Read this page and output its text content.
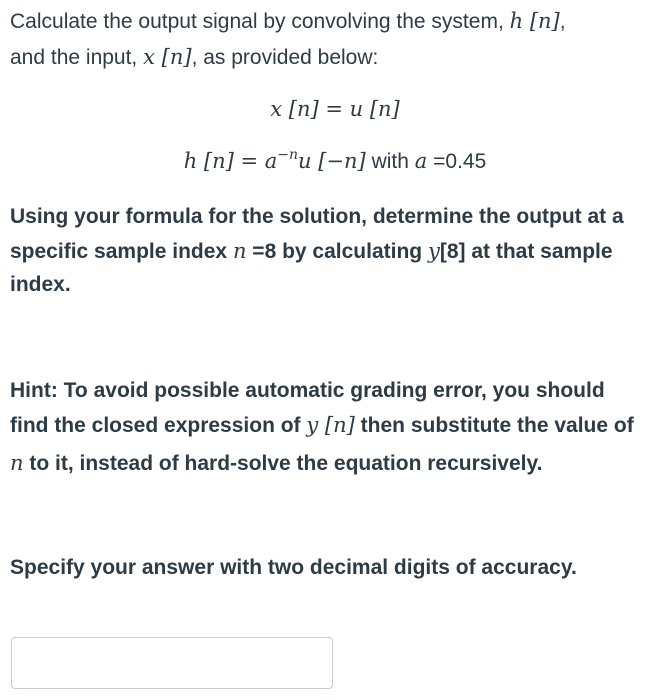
Calculate the output signal by convolving the system, h [n],
and the input, x [n], as provided below:
x [n] = u [n]
h $[n] = a^{-n}u$ [−n] with a =0.45
Using your formula for the solution, determine the output at a
specific sample index n =8 by calculating y[8] at that sample
index.
Hint: To avoid possible automatic grading error, you should
find the closed expression of y [n] then substitute the value of
n to it, instead of hard-solve the equation recursively.
Specify your answer with two decimal digits of accuracy.
